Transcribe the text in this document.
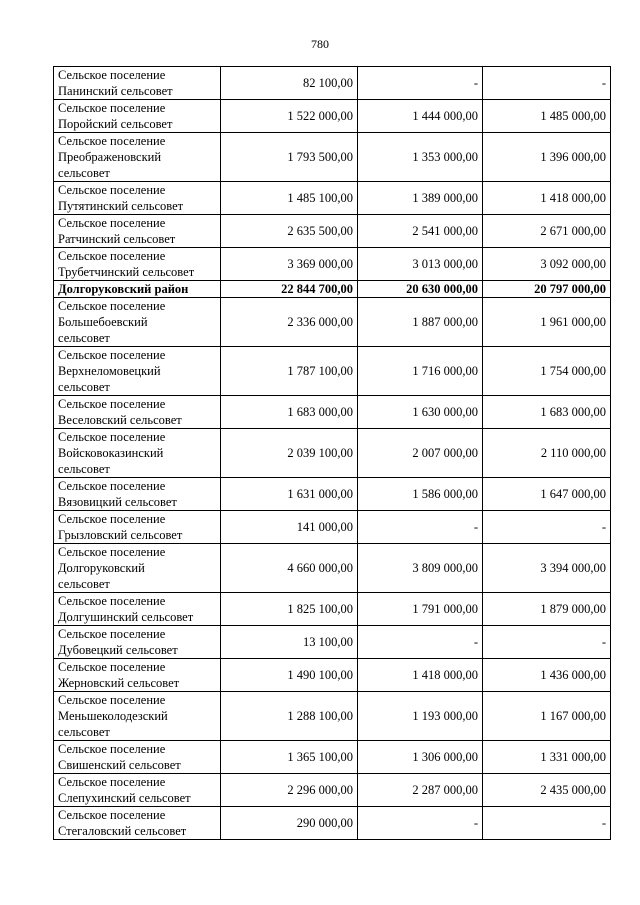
780
Сельское поселение
Панинский сельсовет	82 100,00	-	-
Сельское поселение
Поройский сельсовет	1 522 000,00	1 444 000,00	1 485 000,00
Сельское поселение
Преображеновский
сельсовет	1 793 500,00	1 353 000,00	1 396 000,00
Сельское поселение
Путятинский сельсовет	1 485 100,00	1 389 000,00	1 418 000,00
Сельское поселение
Ратчинский сельсовет	2 635 500,00	2 541 000,00	2 671 000,00
Сельское поселение
Трубетчинский сельсовет	3 369 000,00	3 013 000,00	3 092 000,00
Долгоруковский район	22 844 700,00	20 630 000,00	20 797 000,00
Сельское поселение
Большебоевский
сельсовет	2 336 000,00	1 887 000,00	1 961 000,00
Сельское поселение
Верхнеломовецкий
сельсовет	1 787 100,00	1 716 000,00	1 754 000,00
Сельское поселение
Веселовский сельсовет	1 683 000,00	1 630 000,00	1 683 000,00
Сельское поселение
Войсковоказинский
сельсовет	2 039 100,00	2 007 000,00	2 110 000,00
Сельское поселение
Вязовицкий сельсовет	1 631 000,00	1 586 000,00	1 647 000,00
Сельское поселение
Грызловский сельсовет	141 000,00	-	-
Сельское поселение
Долгоруковский
сельсовет	4 660 000,00	3 809 000,00	3 394 000,00
Сельское поселение
Долгушинский сельсовет	1 825 100,00	1 791 000,00	1 879 000,00
Сельское поселение
Дубовецкий сельсовет	13 100,00	-	-
Сельское поселение
Жерновский сельсовет	1 490 100,00	1 418 000,00	1 436 000,00
Сельское поселение
Меньшеколодезский
сельсовет	1 288 100,00	1 193 000,00	1 167 000,00
Сельское поселение
Свишенский сельсовет	1 365 100,00	1 306 000,00	1 331 000,00
Сельское поселение
Слепухинский сельсовет	2 296 000,00	2 287 000,00	2 435 000,00
Сельское поселение
Стегаловский сельсовет	290 000,00	-	-
